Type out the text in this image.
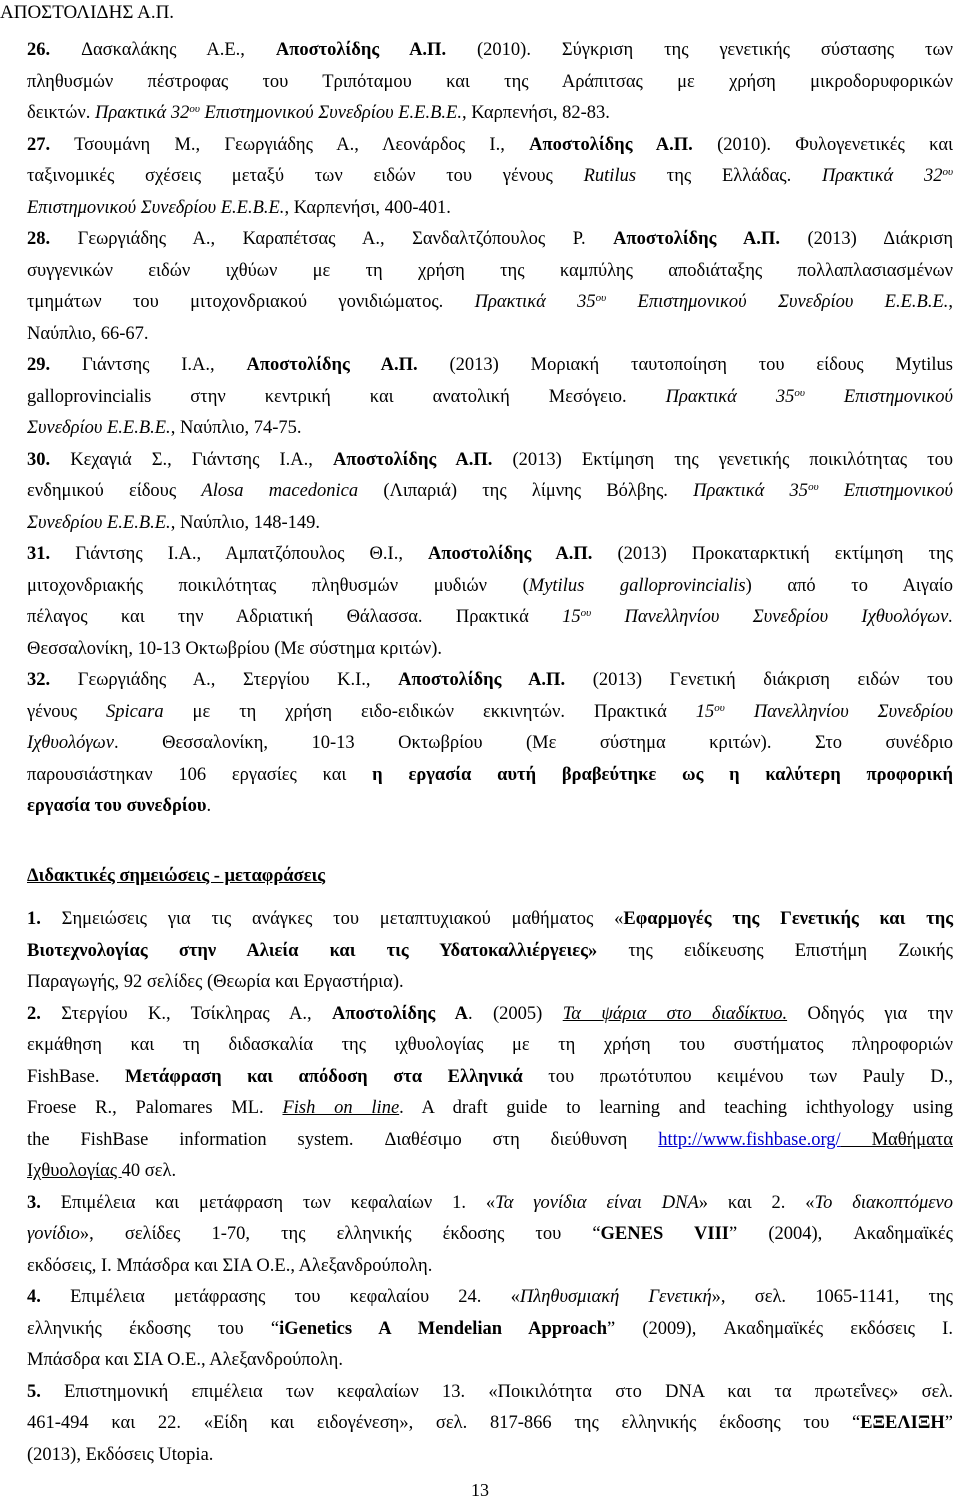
ΑΠΟΣΤΟΛΙΔΗΣ Α.Π.
26. Δασκαλάκης Α.Ε., Αποστολίδης Α.Π. (2010). Σύγκριση της γενετικής σύστασης των
πληθυσμών πέστροφας του Τριπόταμου και της Αράπιτσας με χρήση μικροδορυφορικών
δεικτών. Πρακτικά $32^{o\upsilon}$ Επιστημονικού Συνεδρίου Ε.Ε.Β.Ε., Καρπενήσι, 82-83.
27. Τσουμάνη Μ., Γεωργιάδης Α., Λεονάρδος Ι., Αποστολίδης Α.Π. (2010). Φυλογενετικές και
ταξινομικές σχέσεις μεταξύ των ειδών του γένους Rutilus της Ελλάδας. Πρακτικά $32^{o\upsilon}$
Επιστημονικού Συνεδρίου Ε.Ε.Β.Ε., Καρπενήσι, 400-401.
28. Γεωργιάδης Α., Καραπέτσας Α., Σανδαλτζόπουλος Ρ. Αποστολίδης Α.Π. (2013) Διάκριση
συγγενικών ειδών ιχθύων με τη χρήση της καμπύλης αποδιάταξης πολλαπλασιασμένων
τμημάτων του μιτοχονδριακού γονιδιώματος. Πρακτικά $35^{o\upsilon}$ Επιστημονικού Συνεδρίου Ε.Ε.Β.Ε.,
Ναύπλιο, 66-67.
29. Γιάντσης Ι.Α., Αποστολίδης Α.Π. (2013) Μοριακή ταυτοποίηση του είδους Mytilus
galloprovincialis στην κεντρική και ανατολική Μεσόγειο. Πρακτικά $35^{o\upsilon}$ Επιστημονικού
Συνεδρίου Ε.Ε.Β.Ε., Ναύπλιο, 74-75.
30. Κεχαγιά Σ., Γιάντσης Ι.Α., Αποστολίδης Α.Π. (2013) Εκτίμηση της γενετικής ποικιλότητας του
ενδημικού είδους Alosa macedonica (Λιπαριά) της λίμνης Βόλβης. Πρακτικά $35^{o\upsilon}$ Επιστημονικού
Συνεδρίου Ε.Ε.Β.Ε., Ναύπλιο, 148-149.
31. Γιάντσης Ι.Α., Αμπατζόπουλος Θ.Ι., Αποστολίδης Α.Π. (2013) Προκαταρκτική εκτίμηση της
μιτοχονδριακής ποικιλότητας πληθυσμών μυδιών (Mytilus galloprovincialis) από το Αιγαίο
πέλαγος και την Αδριατική Θάλασσα. Πρακτικά $15^{o\upsilon}$ Πανελληνίου Συνεδρίου Ιχθυολόγων.
Θεσσαλονίκη, 10-13 Οκτωβρίου (Με σύστημα κριτών).
32. Γεωργιάδης Α., Στεργίου Κ.Ι., Αποστολίδης Α.Π. (2013) Γενετική διάκριση ειδών του
γένους Spicara με τη χρήση ειδο-ειδικών εκκινητών. Πρακτικά $15^{o\upsilon}$ Πανελληνίου Συνεδρίου
Ιχθυολόγων. Θεσσαλονίκη, 10-13 Οκτωβρίου (Με σύστημα κριτών). Στο συνέδριο
παρουσιάστηκαν 106 εργασίες και η εργασία αυτή βραβεύτηκε ως η καλύτερη προφορική
εργασία του συνεδρίου.
Διδακτικές σημειώσεις - μεταφράσεις
1. Σημειώσεις για τις ανάγκες του μεταπτυχιακού μαθήματος «Εφαρμογές της Γενετικής και της
Βιοτεχνολογίας στην Αλιεία και τις Υδατοκαλλιέργειες» της ειδίκευσης Επιστήμη Ζωικής
Παραγωγής, 92 σελίδες (Θεωρία και Εργαστήρια).
2. Στεργίου Κ., Τσίκληρας Α., Αποστολίδης Α. (2005) Τα ψάρια στο διαδίκτυο. Οδηγός για την
εκμάθηση και τη διδασκαλία της ιχθυολογίας με τη χρήση του συστήματος πληροφοριών
FishBase. Μετάφραση και απόδοση στα Ελληνικά του πρωτότυπου κειμένου των Pauly D.,
Froese R., Palomares ML. Fish on line. A draft guide to learning and teaching ichthyology using
the FishBase information system. Διαθέσιμο στη διεύθυνση http://www.fishbase.org/ Μαθήματα
Ιχθυολογίας 40 σελ.
3. Επιμέλεια και μετάφραση των κεφαλαίων 1. «Τα γονίδια είναι DNA» και 2. «Το διακοπτόμενο
γονίδιο», σελίδες 1-70, της ελληνικής έκδοσης του “GENES VIII” (2004), Ακαδημαϊκές
εκδόσεις, Ι. Μπάσδρα και ΣΙΑ Ο.Ε., Αλεξανδρούπολη.
4. Επιμέλεια μετάφρασης του κεφαλαίου 24. «Πληθυσμιακή Γενετική», σελ. 1065-1141, της
ελληνικής έκδοσης του “iGenetics A Mendelian Approach” (2009), Ακαδημαϊκές εκδόσεις Ι.
Μπάσδρα και ΣΙΑ Ο.Ε., Αλεξανδρούπολη.
5. Επιστημονική επιμέλεια των κεφαλαίων 13. «Ποικιλότητα στο DNA και τα πρωτεΐνες» σελ.
461-494 και 22. «Είδη και ειδογένεση», σελ. 817-866 της ελληνικής έκδοσης του “ΕΞΕΛΙΞΗ”
(2013), Εκδόσεις Utopia.
13
